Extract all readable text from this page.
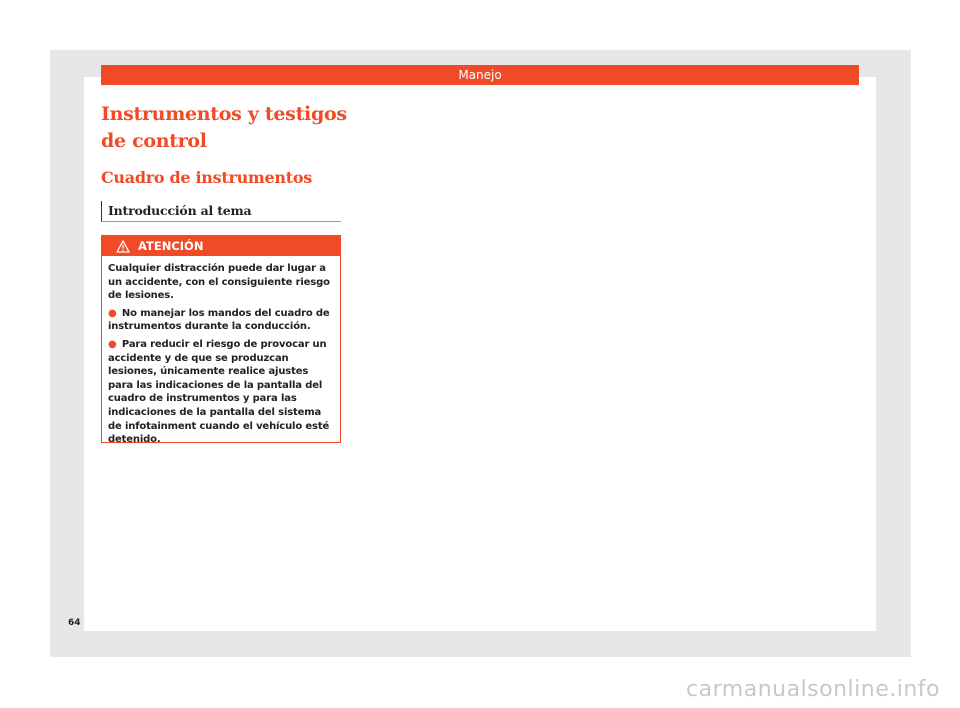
Manejo
Instrumentos y testigos de control
Cuadro de instrumentos
Introducción al tema
ATENCIÓN

Cualquier distracción puede dar lugar a un accidente, con el consiguiente riesgo de lesiones.

● No manejar los mandos del cuadro de instrumentos durante la conducción.

● Para reducir el riesgo de provocar un accidente y de que se produzcan lesiones, únicamente realice ajustes para las indicaciones de la pantalla del cuadro de instrumentos y para las indicaciones de la pantalla del sistema de infotainment cuando el vehículo esté detenido.

64
carmanualsonline.info
